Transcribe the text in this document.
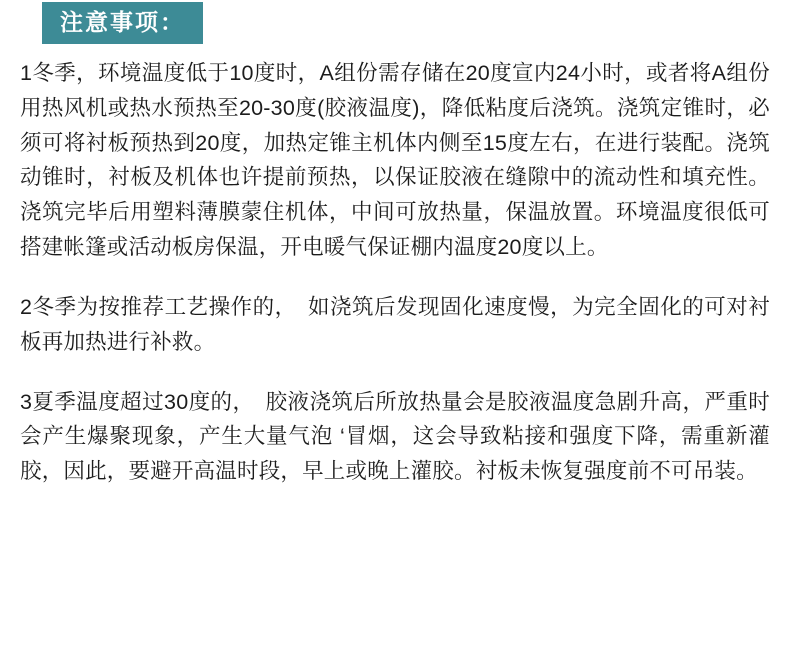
注意事项：

1冬季，环境温度低于10度时，A组份需存储在20度宣内24小时，或者将A组份用热风机或热水预热至20-30度(胶液温度)，降低粘度后浇筑。浇筑定锥时，必须可将衬板预热到20度，加热定锥主机体内侧至15度左右，在进行装配。浇筑动锥时，衬板及机体也许提前预热，以保证胶液在缝隙中的流动性和填充性。浇筑完毕后用塑料薄膜蒙住机体，中间可放热量，保温放置。环境温度很低可搭建帐篷或活动板房保温，开电暖气保证棚内温度20度以上。

2冬季为按推荐工艺操作的，　如浇筑后发现固化速度慢，为完全固化的可对衬板再加热进行补救。

3夏季温度超过30度的，　胶液浇筑后所放热量会是胶液温度急剧升高，严重时会产生爆聚现象，产生大量气泡 ‘冒烟，这会导致粘接和强度下降，需重新灌胶，因此，要避开高温时段，早上或晚上灌胶。衬板未恢复强度前不可吊装。
